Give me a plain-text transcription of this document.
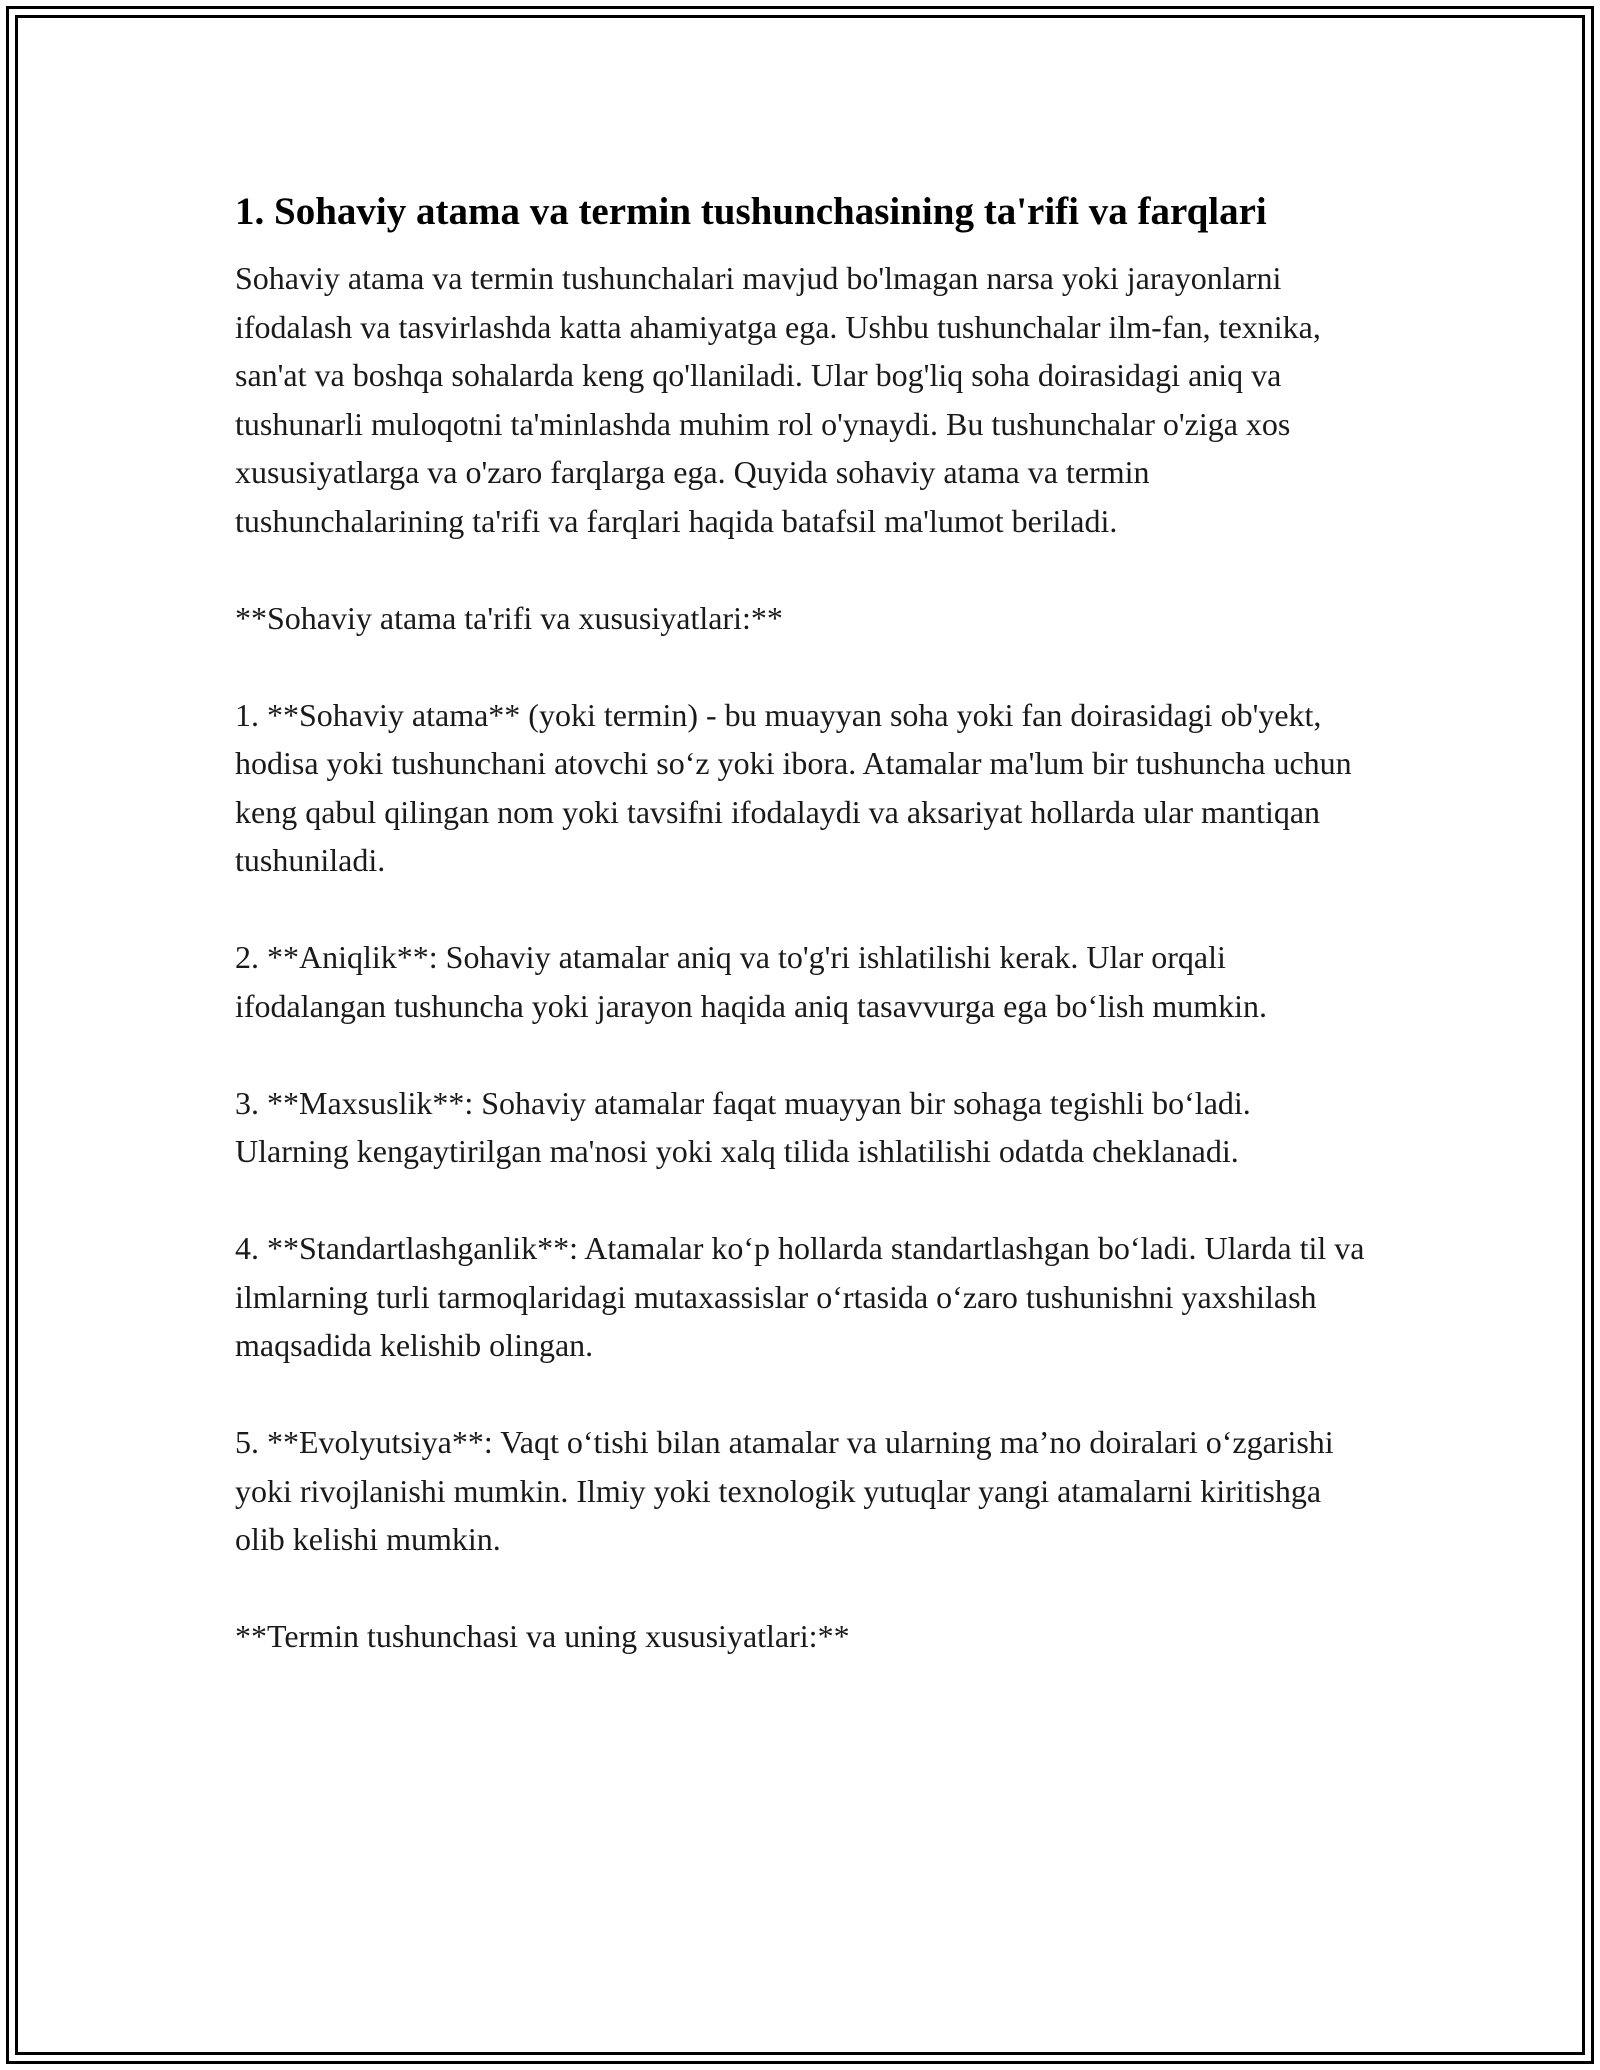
1. Sohaviy atama va termin tushunchasining ta'rifi va farqlari

Sohaviy atama va termin tushunchalari mavjud bo'lmagan narsa yoki jarayonlarni ifodalash va tasvirlashda katta ahamiyatga ega. Ushbu tushunchalar ilm-fan, texnika, san'at va boshqa sohalarda keng qo'llaniladi. Ular bog'liq soha doirasidagi aniq va tushunarli muloqotni ta'minlashda muhim rol o'ynaydi. Bu tushunchalar o'ziga xos xususiyatlarga va o'zaro farqlarga ega. Quyida sohaviy atama va termin tushunchalarining ta'rifi va farqlari haqida batafsil ma'lumot beriladi.

**Sohaviy atama ta'rifi va xususiyatlari:**

1. **Sohaviy atama** (yoki termin) - bu muayyan soha yoki fan doirasidagi ob'yekt, hodisa yoki tushunchani atovchi so‘z yoki ibora. Atamalar ma'lum bir tushuncha uchun keng qabul qilingan nom yoki tavsifni ifodalaydi va aksariyat hollarda ular mantiqan tushuniladi.

2. **Aniqlik**: Sohaviy atamalar aniq va to'g'ri ishlatilishi kerak. Ular orqali ifodalangan tushuncha yoki jarayon haqida aniq tasavvurga ega bo‘lish mumkin.

3. **Maxsuslik**: Sohaviy atamalar faqat muayyan bir sohaga tegishli bo‘ladi. Ularning kengaytirilgan ma'nosi yoki xalq tilida ishlatilishi odatda cheklanadi.

4. **Standartlashganlik**: Atamalar ko‘p hollarda standartlashgan bo‘ladi. Ularda til va ilmlarning turli tarmoqlaridagi mutaxassislar o‘rtasida o‘zaro tushunishni yaxshilash maqsadida kelishib olingan.

5. **Evolyutsiya**: Vaqt o‘tishi bilan atamalar va ularning ma’no doiralari o‘zgarishi yoki rivojlanishi mumkin. Ilmiy yoki texnologik yutuqlar yangi atamalarni kiritishga olib kelishi mumkin.

**Termin tushunchasi va uning xususiyatlari:**
